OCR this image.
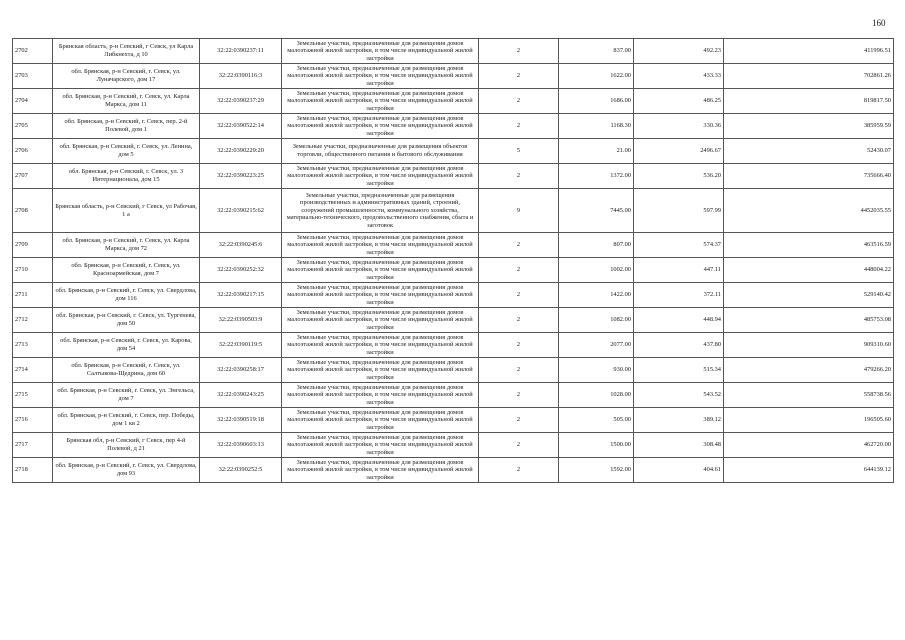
160
2702	Брянская область, р-н Севский, г Севск, ул Карла Либкнехта, д 10	32:22:0390237:11	Земельные участки, предназначенные для размещения домов малоэтажной жилой застройки, в том числе индивидуальной жилой застройки	2	837.00	492.23	411996.51
2703	обл. Брянская, р-н Севский, г. Севск, ул. Луначарского, дом 17	32:22:0390116:3	Земельные участки, предназначенные для размещения домов малоэтажной жилой застройки, в том числе индивидуальной жилой застройки	2	1622.00	433.33	702861.26
2704	обл. Брянская, р-н Севский, г. Севск, ул. Карла Маркса, дом 11	32:22:0390237:29	Земельные участки, предназначенные для размещения домов малоэтажной жилой застройки, в том числе индивидуальной жилой застройки	2	1686.00	486.25	819817.50
2705	обл. Брянская, р-н Севский, г. Севск, пер. 2-й Полевой, дом 1	32:22:0390522:14	Земельные участки, предназначенные для размещения домов малоэтажной жилой застройки, в том числе индивидуальной жилой застройки	2	1168.30	330.36	385959.59
2706	обл. Брянская, р-н Севский, г. Севск, ул. Ленина, дом 5	32:22:0390229:20	Земельные участки, предназначенные для размещения объектов торговли, общественного питания и бытового обслуживания	5	21.00	2496.67	52430.07
2707	обл. Брянская, р-н Севский, г. Севск, ул. 3 Интернационала, дом 15	32:22:0390223:25	Земельные участки, предназначенные для размещения домов малоэтажной жилой застройки, в том числе индивидуальной жилой застройки	2	1372.00	536.20	735666.40
2708	Брянская область, р-н Севский, г Севск, ул Рабочая, 1 а	32:22:0390215:62	Земельные участки, предназначенные для размещения производственных и административных зданий, строений, сооружений промышленности, коммунального хозяйства, материально-технического, продовольственного снабжения, сбыта и заготовок	9	7445.00	597.99	4452035.55
2709	обл. Брянская, р-н Севский, г. Севск, ул. Карла Маркса, дом 72	32:22:0390245:6	Земельные участки, предназначенные для размещения домов малоэтажной жилой застройки, в том числе индивидуальной жилой застройки	2	807.00	574.37	463516.59
2710	обл. Брянская, р-н Севский, г. Севск, ул. Красноармейская, дом 7	32:22:0390252:32	Земельные участки, предназначенные для размещения домов малоэтажной жилой застройки, в том числе индивидуальной жилой застройки	2	1002.00	447.11	448004.22
2711	обл. Брянская, р-н Севский, г. Севск, ул. Свердлова, дом 116	32:22:0390217:15	Земельные участки, предназначенные для размещения домов малоэтажной жилой застройки, в том числе индивидуальной жилой застройки	2	1422.00	372.11	529140.42
2712	обл. Брянская, р-н Севский, г. Севск, ул. Тургенева, дом 50	32:22:0390503:9	Земельные участки, предназначенные для размещения домов малоэтажной жилой застройки, в том числе индивидуальной жилой застройки	2	1082.00	448.94	485753.08
2713	обл. Брянская, р-н Севский, г. Севск, ул. Карова, дом 54	32:22:0390119:5	Земельные участки, предназначенные для размещения домов малоэтажной жилой застройки, в том числе индивидуальной жилой застройки	2	2077.00	437.80	909310.60
2714	обл. Брянская, р-н Севский, г. Севск, ул. Салтыкова-Щедрина, дом 60	32:22:0390258:17	Земельные участки, предназначенные для размещения домов малоэтажной жилой застройки, в том числе индивидуальной жилой застройки	2	930.00	515.34	479266.20
2715	обл. Брянская, р-н Севский, г. Севск, ул. Энгельса, дом 7	32:22:0390243:25	Земельные участки, предназначенные для размещения домов малоэтажной жилой застройки, в том числе индивидуальной жилой застройки	2	1028.00	543.52	558738.56
2716	обл. Брянская, р-н Севский, г. Севск, пер. Победы, дом 1 кв 2	32:22:0390519:18	Земельные участки, предназначенные для размещения домов малоэтажной жилой застройки, в том числе индивидуальной жилой застройки	2	505.00	389.12	196505.60
2717	Брянская обл, р-н Севский, г Севск, пер 4-й Полевой, д 21	32:22:0390603:13	Земельные участки, предназначенные для размещения домов малоэтажной жилой застройки, в том числе индивидуальной жилой застройки	2	1500.00	308.48	462720.00
2718	обл. Брянская, р-н Севский, г. Севск, ул. Свердлова, дом 93	32:22:0390252:5	Земельные участки, предназначенные для размещения домов малоэтажной жилой застройки, в том числе индивидуальной жилой застройки	2	1592.00	404.61	644139.12
